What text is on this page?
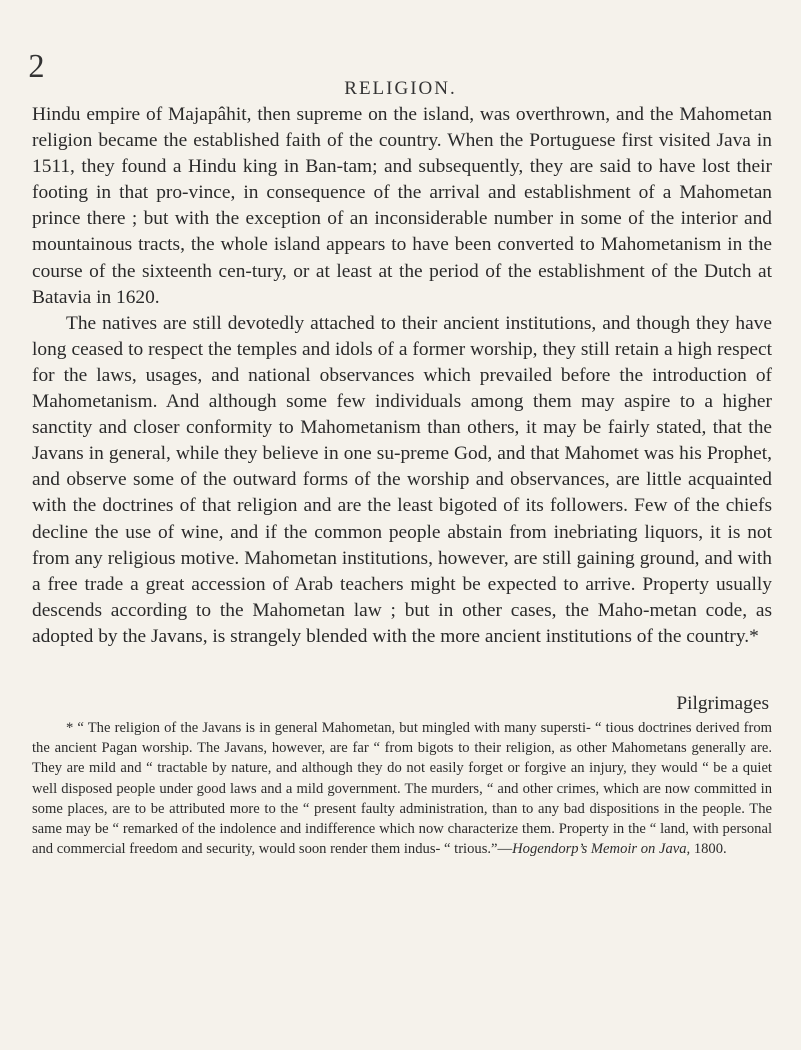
2
RELIGION.

Hindu empire of Majapâhit, then supreme on the island, was overthrown, and the Mahometan religion became the established faith of the country. When the Portuguese first visited Java in 1511, they found a Hindu king in Ban-tam; and subsequently, they are said to have lost their footing in that pro-vince, in consequence of the arrival and establishment of a Mahometan prince there ; but with the exception of an inconsiderable number in some of the interior and mountainous tracts, the whole island appears to have been converted to Mahometanism in the course of the sixteenth cen-tury, or at least at the period of the establishment of the Dutch at Batavia in 1620.

The natives are still devotedly attached to their ancient institutions, and though they have long ceased to respect the temples and idols of a former worship, they still retain a high respect for the laws, usages, and national observances which prevailed before the introduction of Mahometanism. And although some few individuals among them may aspire to a higher sanctity and closer conformity to Mahometanism than others, it may be fairly stated, that the Javans in general, while they believe in one su-preme God, and that Mahomet was his Prophet, and observe some of the outward forms of the worship and observances, are little acquainted with the doctrines of that religion and are the least bigoted of its followers. Few of the chiefs decline the use of wine, and if the common people abstain from inebriating liquors, it is not from any religious motive. Mahometan institutions, however, are still gaining ground, and with a free trade a great accession of Arab teachers might be expected to arrive. Property usually descends according to the Mahometan law ; but in other cases, the Maho-metan code, as adopted by the Javans, is strangely blended with the more ancient institutions of the country.*

Pilgrimages
* “ The religion of the Javans is in general Mahometan, but mingled with many supersti- “ tious doctrines derived from the ancient Pagan worship. The Javans, however, are far “ from bigots to their religion, as other Mahometans generally are. They are mild and “ tractable by nature, and although they do not easily forget or forgive an injury, they would “ be a quiet well disposed people under good laws and a mild government. The murders, “ and other crimes, which are now committed in some places, are to be attributed more to the “ present faulty administration, than to any bad dispositions in the people. The same may be “ remarked of the indolence and indifference which now characterize them. Property in the “ land, with personal and commercial freedom and security, would soon render them indus- “ trious.”—Hogendorp’s Memoir on Java, 1800.
